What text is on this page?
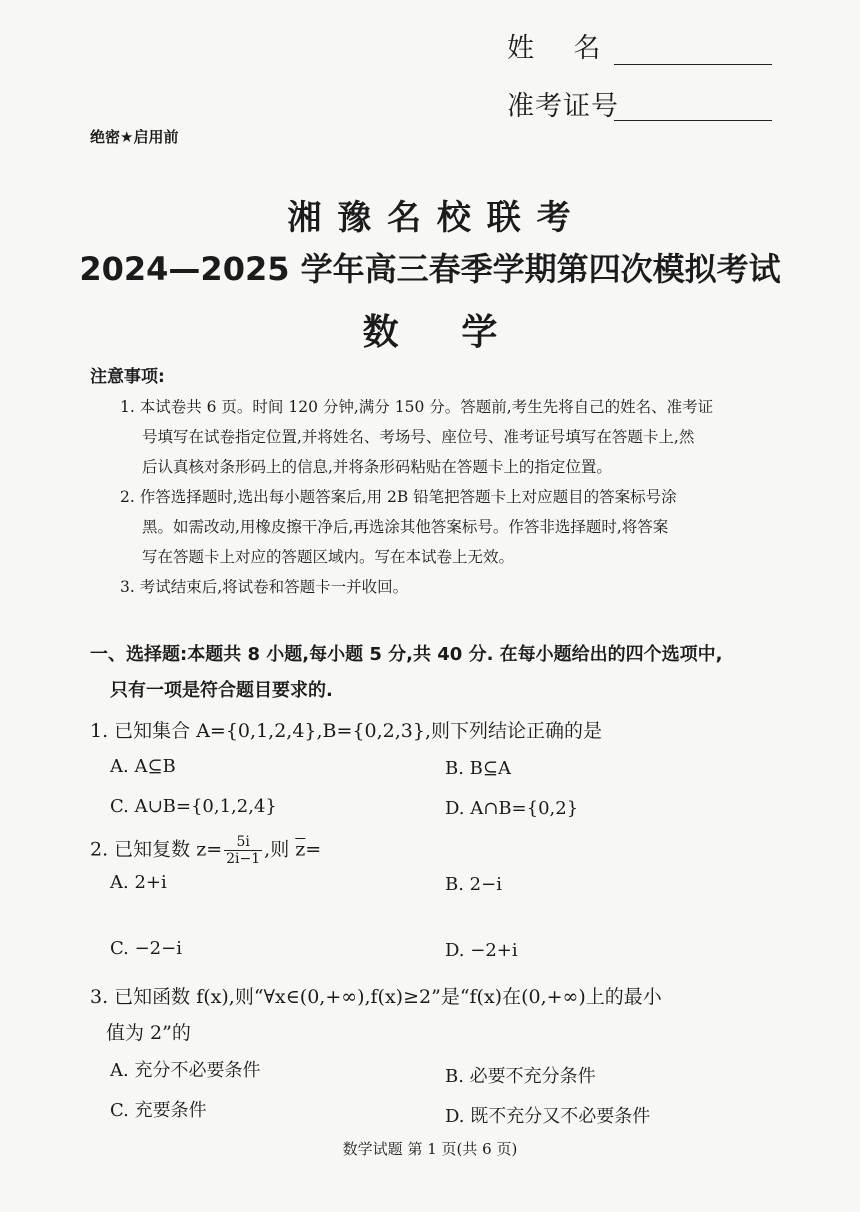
姓    名
准考证号
绝密★启用前
湘 豫 名 校 联 考
2024—2025 学年高三春季学期第四次模拟考试
数     学
注意事项:
1. 本试卷共 6 页。时间 120 分钟,满分 150 分。答题前,考生先将自己的姓名、准考证
号填写在试卷指定位置,并将姓名、考场号、座位号、准考证号填写在答题卡上,然
后认真核对条形码上的信息,并将条形码粘贴在答题卡上的指定位置。
2. 作答选择题时,选出每小题答案后,用 2B 铅笔把答题卡上对应题目的答案标号涂
黑。如需改动,用橡皮擦干净后,再选涂其他答案标号。作答非选择题时,将答案
写在答题卡上对应的答题区域内。写在本试卷上无效。
3. 考试结束后,将试卷和答题卡一并收回。
一、选择题:本题共 8 小题,每小题 5 分,共 40 分. 在每小题给出的四个选项中,
只有一项是符合题目要求的.
1. 已知集合 A={0,1,2,4},B={0,2,3},则下列结论正确的是
A. A⊆B	B. B⊆A
C. A∪B={0,1,2,4}	D. A∩B={0,2}
2. 已知复数 $z= \frac{5i}{2i-1}$ ,则 $\overline{z}=$
A. 2+i	B. 2−i
C. −2−i	D. −2+i
3. 已知函数 f(x),则“∀x∈(0,+∞),f(x)≥2”是“f(x)在(0,+∞)上的最小
值为 2”的
A. 充分不必要条件	B. 必要不充分条件
C. 充要条件	D. 既不充分又不必要条件
数学试题 第 1 页(共 6 页)
